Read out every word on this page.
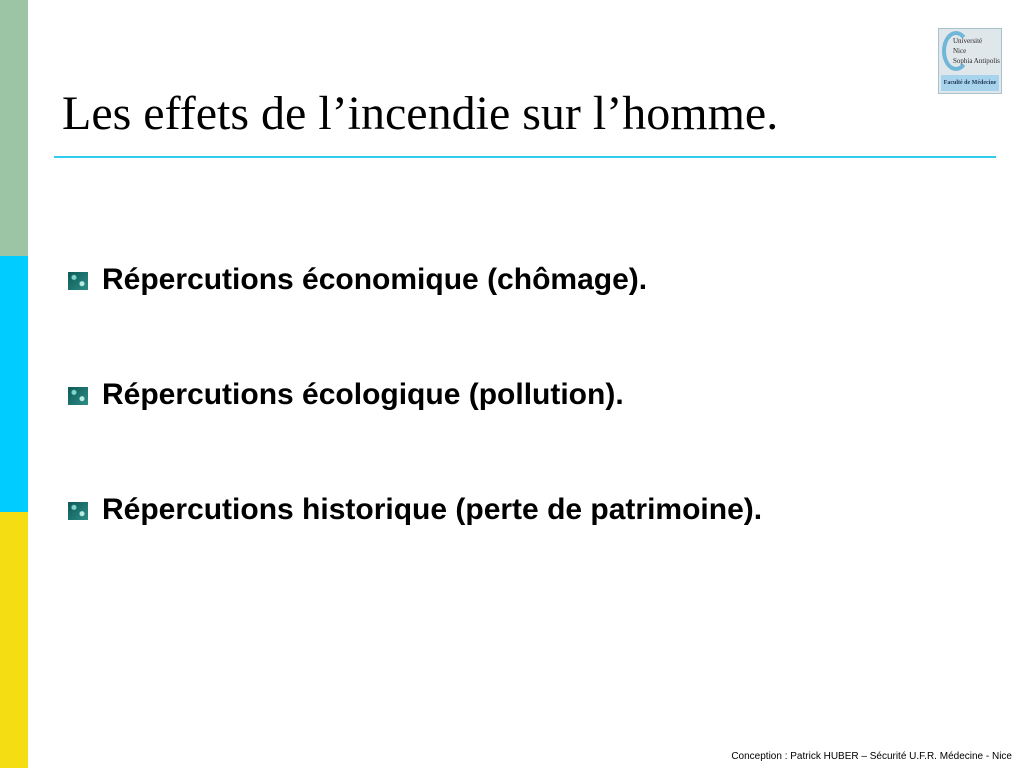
Université
Nice
Sophia Antipolis
Faculté de Médecine
Les effets de l’incendie sur l’homme.
Répercutions économique (chômage).
Répercutions écologique (pollution).
Répercutions historique (perte de patrimoine).
Conception : Patrick HUBER – Sécurité U.F.R. Médecine - Nice
